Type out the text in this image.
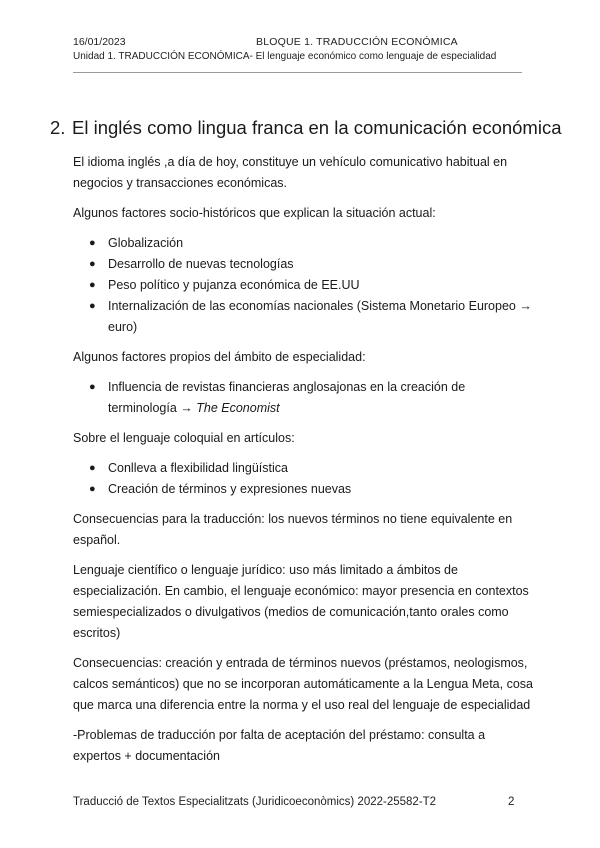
16/01/2023	BLOQUE 1. TRADUCCIÓN ECONÓMICA
Unidad 1. TRADUCCIÓN ECONÓMICA- El lenguaje económico como lenguaje de especialidad
2. El inglés como lingua franca en la comunicación económica

El idioma inglés ,a día de hoy, constituye un vehículo comunicativo habitual en negocios y transacciones económicas.

Algunos factores socio-históricos que explican la situación actual:

● Globalización
● Desarrollo de nuevas tecnologías
● Peso político y pujanza económica de EE.UU
● Internalización de las economías nacionales (Sistema Monetario Europeo → euro)

Algunos factores propios del ámbito de especialidad:

● Influencia de revistas financieras anglosajonas en la creación de terminología → The Economist

Sobre el lenguaje coloquial en artículos:

● Conlleva a flexibilidad lingüística
● Creación de términos y expresiones nuevas

Consecuencias para la traducción: los nuevos términos no tiene equivalente en español.

Lenguaje científico o lenguaje jurídico: uso más limitado a ámbitos de especialización. En cambio, el lenguaje económico: mayor presencia en contextos semiespecializados o divulgativos (medios de comunicación,tanto orales como escritos)

Consecuencias: creación y entrada de términos nuevos (préstamos, neologismos, calcos semánticos) que no se incorporan automáticamente a la Lengua Meta, cosa que marca una diferencia entre la norma y el uso real del lenguaje de especialidad

-Problemas de traducción por falta de aceptación del préstamo: consulta a expertos + documentación

Traducció de Textos Especialitzats (Juridicoeconòmics) 2022-25582-T2	2
